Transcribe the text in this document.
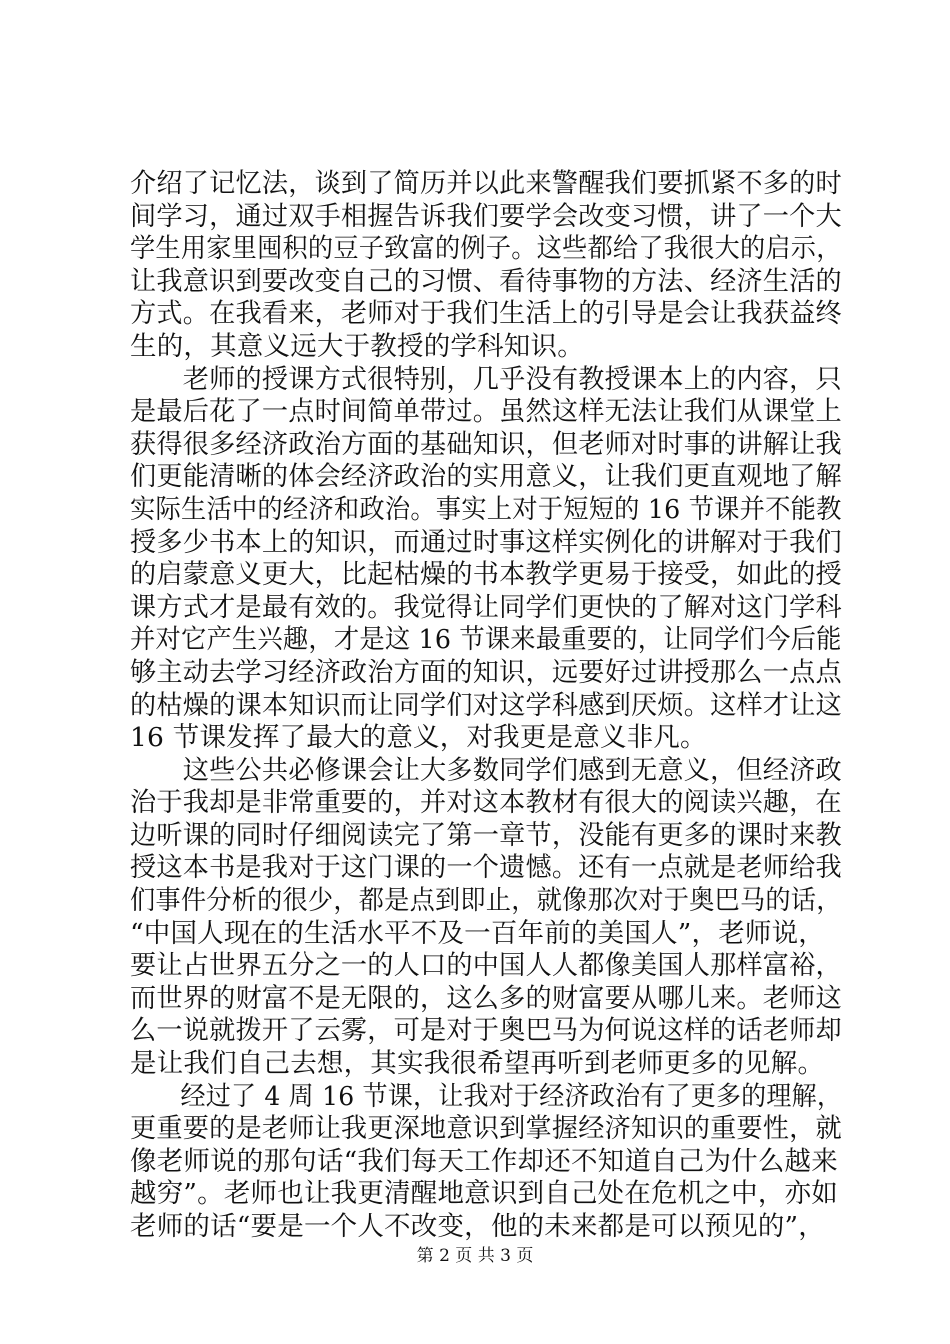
介绍了记忆法，谈到了简历并以此来警醒我们要抓紧不多的时
间学习，通过双手相握告诉我们要学会改变习惯，讲了一个大
学生用家里囤积的豆子致富的例子。这些都给了我很大的启示，
让我意识到要改变自己的习惯、看待事物的方法、经济生活的
方式。在我看来，老师对于我们生活上的引导是会让我获益终
生的，其意义远大于教授的学科知识。
　　老师的授课方式很特别，几乎没有教授课本上的内容，只
是最后花了一点时间简单带过。虽然这样无法让我们从课堂上
获得很多经济政治方面的基础知识，但老师对时事的讲解让我
们更能清晰的体会经济政治的实用意义，让我们更直观地了解
实际生活中的经济和政治。事实上对于短短的 16 节课并不能教
授多少书本上的知识，而通过时事这样实例化的讲解对于我们
的启蒙意义更大，比起枯燥的书本教学更易于接受，如此的授
课方式才是最有效的。我觉得让同学们更快的了解对这门学科
并对它产生兴趣，才是这 16 节课来最重要的，让同学们今后能
够主动去学习经济政治方面的知识，远要好过讲授那么一点点
的枯燥的课本知识而让同学们对这学科感到厌烦。这样才让这
16 节课发挥了最大的意义，对我更是意义非凡。
　　这些公共必修课会让大多数同学们感到无意义，但经济政
治于我却是非常重要的，并对这本教材有很大的阅读兴趣，在
边听课的同时仔细阅读完了第一章节，没能有更多的课时来教
授这本书是我对于这门课的一个遗憾。还有一点就是老师给我
们事件分析的很少，都是点到即止，就像那次对于奥巴马的话，
“中国人现在的生活水平不及一百年前的美国人”，老师说，
要让占世界五分之一的人口的中国人人都像美国人那样富裕，
而世界的财富不是无限的，这么多的财富要从哪儿来。老师这
么一说就拨开了云雾，可是对于奥巴马为何说这样的话老师却
是让我们自己去想，其实我很希望再听到老师更多的见解。
　　经过了 4 周 16 节课，让我对于经济政治有了更多的理解，
更重要的是老师让我更深地意识到掌握经济知识的重要性，就
像老师说的那句话“我们每天工作却还不知道自己为什么越来
越穷”。老师也让我更清醒地意识到自己处在危机之中，亦如
老师的话“要是一个人不改变，他的未来都是可以预见的”，
第 2 页 共 3 页
